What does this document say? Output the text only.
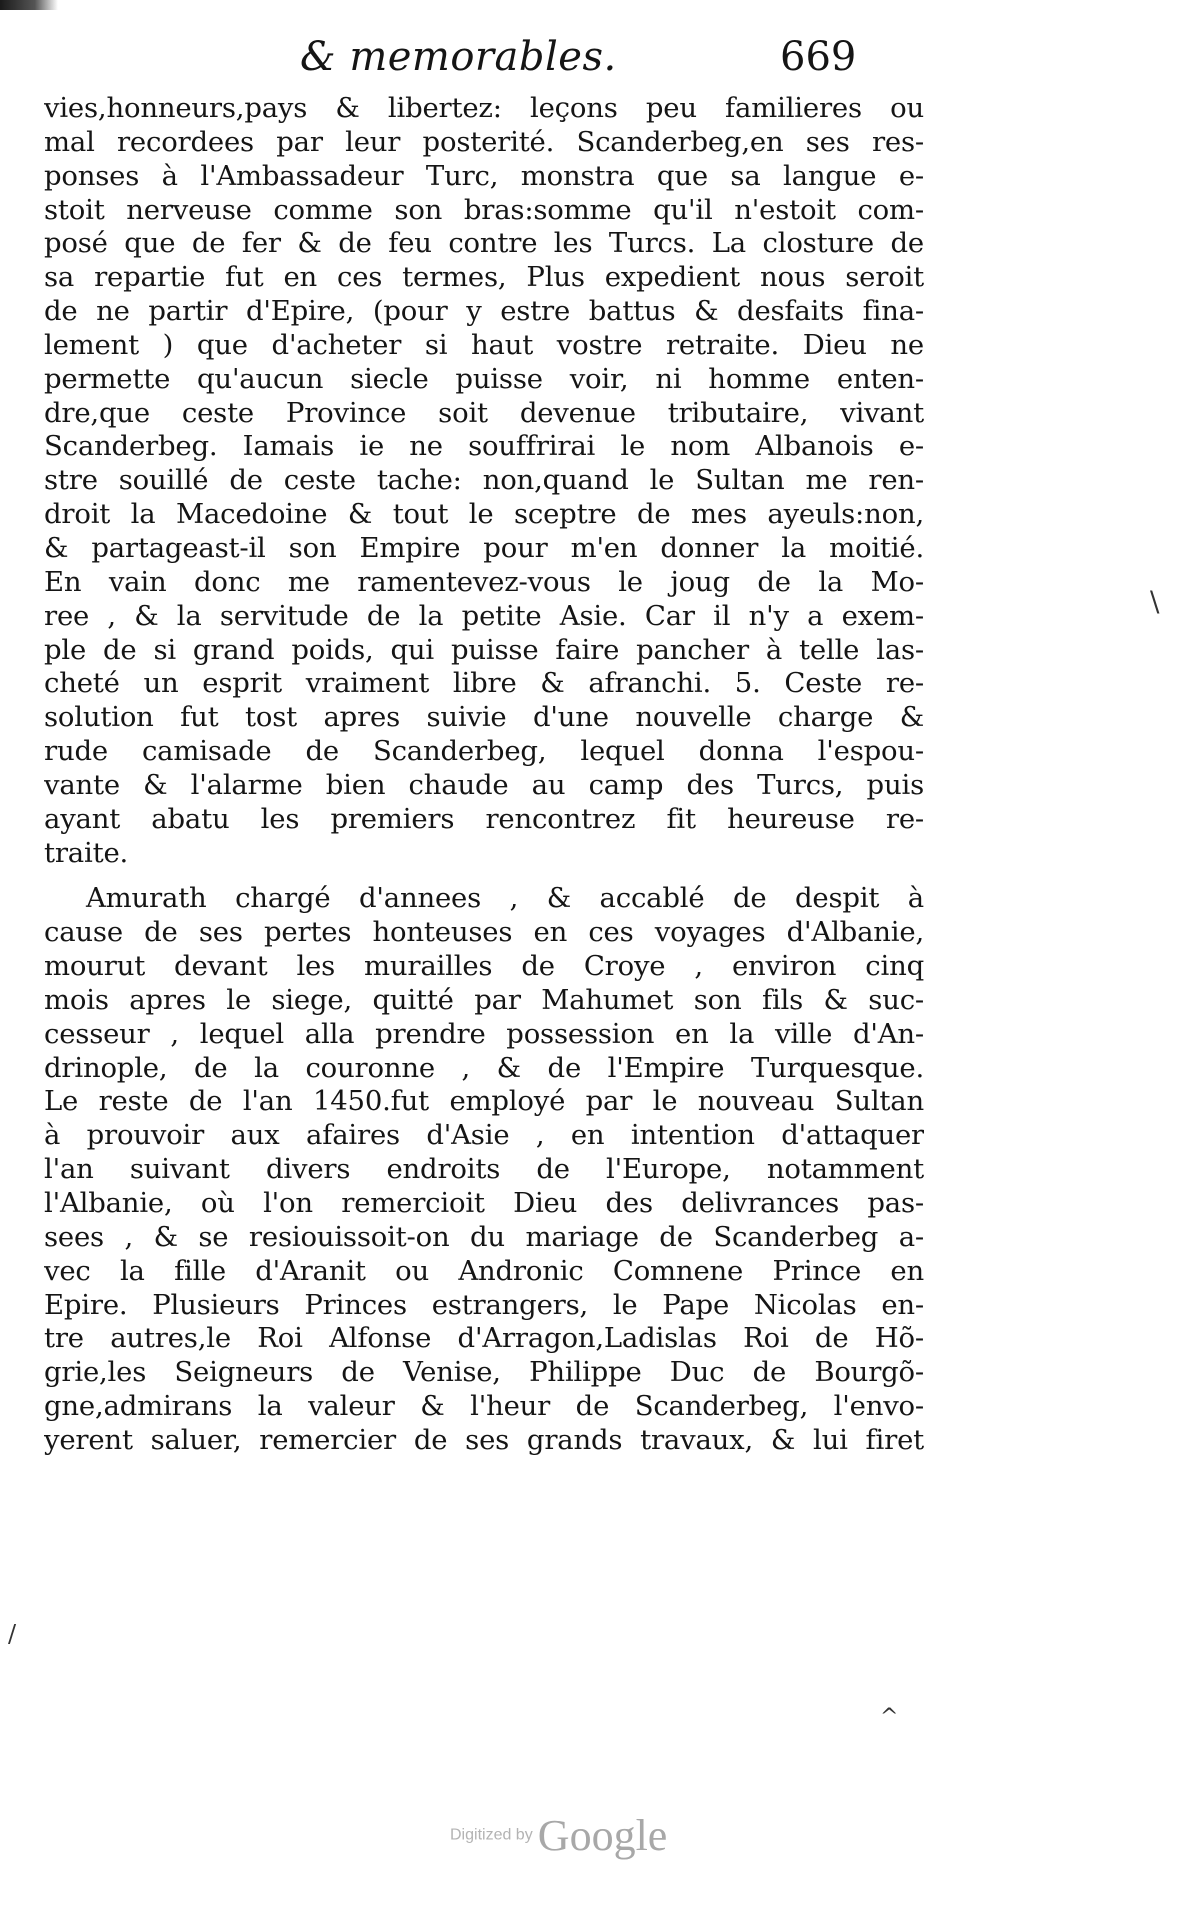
& memorables.	669
vies,honneurs,pays & libertez: leçons peu familieres ou
mal recordees par leur posterité. Scanderbeg,en ses res-
ponses à l'Ambassadeur Turc, monstra que sa langue e-
stoit nerveuse comme son bras:somme qu'il n'estoit com-
posé que de fer & de feu contre les Turcs. La closture de
sa repartie fut en ces termes, Plus expedient nous seroit
de ne partir d'Epire, (pour y estre battus & desfaits fina-
lement ) que d'acheter si haut vostre retraite. Dieu ne
permette qu'aucun siecle puisse voir, ni homme enten-
dre,que ceste Province soit devenue tributaire, vivant
Scanderbeg. Iamais ie ne souffrirai le nom Albanois e-
stre souillé de ceste tache: non,quand le Sultan me ren-
droit la Macedoine & tout le sceptre de mes ayeuls:non,
& partageast-il son Empire pour m'en donner la moitié.
En vain donc me ramentevez-vous le joug de la Mo-
ree , & la servitude de la petite Asie. Car il n'y a exem-
ple de si grand poids, qui puisse faire pancher à telle las-
cheté un esprit vraiment libre & afranchi. 5. Ceste re-
solution fut tost apres suivie d'une nouvelle charge &
rude camisade de Scanderbeg, lequel donna l'espou-
vante & l'alarme bien chaude au camp des Turcs, puis
ayant abatu les premiers rencontrez fit heureuse re-
traite.
Amurath chargé d'annees , & accablé de despit à
cause de ses pertes honteuses en ces voyages d'Albanie,
mourut devant les murailles de Croye , environ cinq
mois apres le siege, quitté par Mahumet son fils & suc-
cesseur , lequel alla prendre possession en la ville d'An-
drinople, de la couronne , & de l'Empire Turquesque.
Le reste de l'an 1450.fut employé par le nouveau Sultan
à prouvoir aux afaires d'Asie , en intention d'attaquer
l'an suivant divers endroits de l'Europe, notamment
l'Albanie, où l'on remercioit Dieu des delivrances pas-
sees , & se resiouissoit-on du mariage de Scanderbeg a-
vec la fille d'Aranit ou Andronic Comnene Prince en
Epire. Plusieurs Princes estrangers, le Pape Nicolas en-
tre autres,le Roi Alfonse d'Arragon,Ladislas Roi de Hõ-
grie,les Seigneurs de Venise, Philippe Duc de Bourgõ-
gne,admirans la valeur & l'heur de Scanderbeg, l'envo-
yerent saluer, remercier de ses grands travaux, & lui firet
\
/
^
Digitized by Google
